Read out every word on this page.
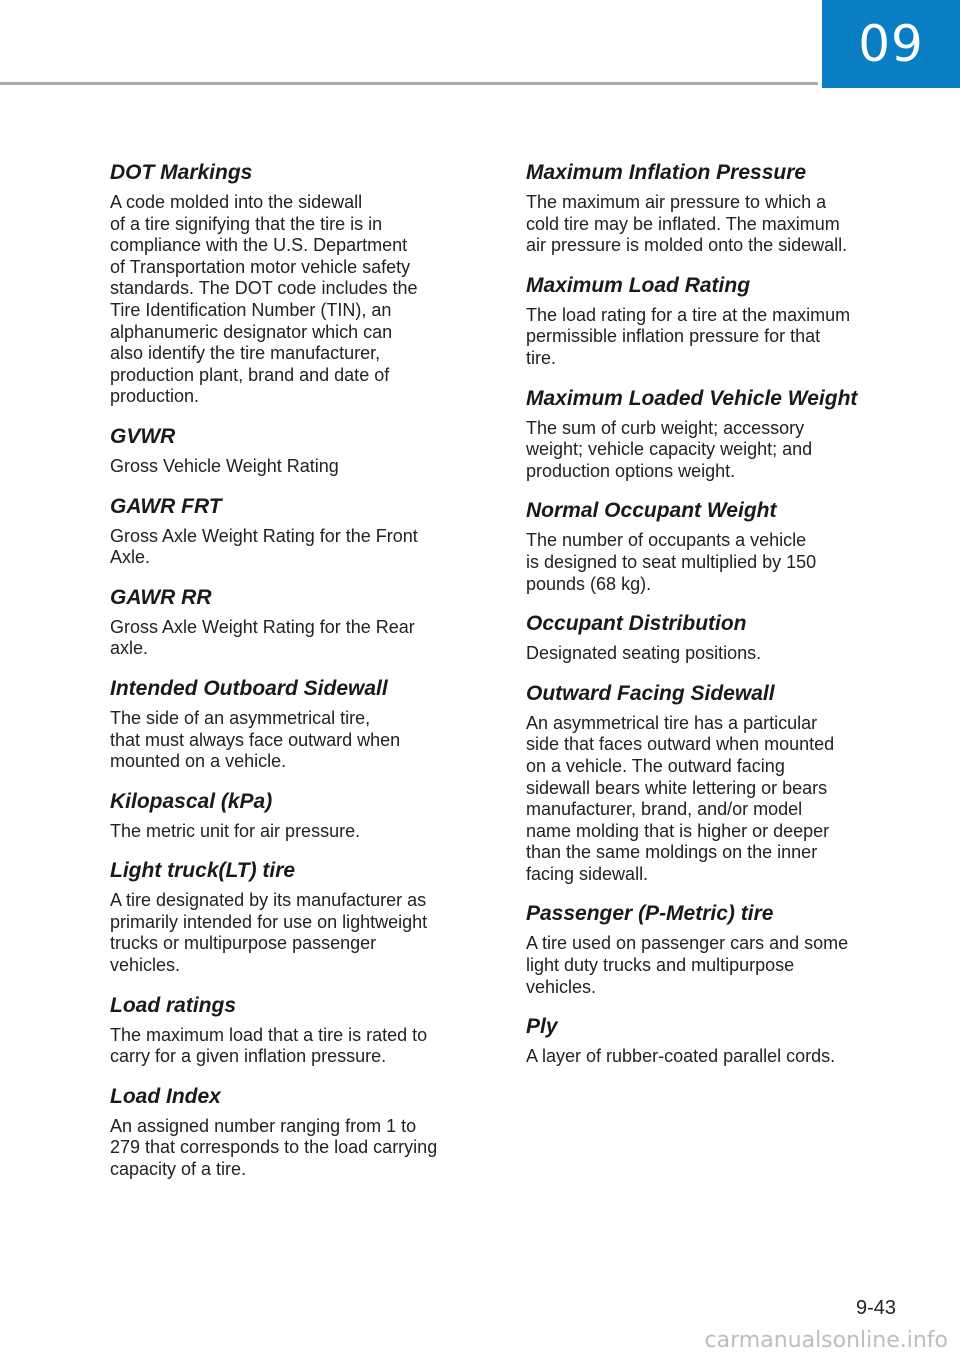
09
DOT Markings

A code molded into the sidewall
of a tire signifying that the tire is in
compliance with the U.S. Department
of Transportation motor vehicle safety
standards. The DOT code includes the
Tire Identification Number (TIN), an
alphanumeric designator which can
also identify the tire manufacturer,
production plant, brand and date of
production.

GVWR

Gross Vehicle Weight Rating

GAWR FRT

Gross Axle Weight Rating for the Front
Axle.

GAWR RR

Gross Axle Weight Rating for the Rear
axle.

Intended Outboard Sidewall

The side of an asymmetrical tire,
that must always face outward when
mounted on a vehicle.

Kilopascal (kPa)

The metric unit for air pressure.

Light truck(LT) tire

A tire designated by its manufacturer as
primarily intended for use on lightweight
trucks or multipurpose passenger
vehicles.

Load ratings

The maximum load that a tire is rated to
carry for a given inflation pressure.

Load Index

An assigned number ranging from 1 to
279 that corresponds to the load carrying
capacity of a tire.

Maximum Inflation Pressure

The maximum air pressure to which a
cold tire may be inflated. The maximum
air pressure is molded onto the sidewall.

Maximum Load Rating

The load rating for a tire at the maximum
permissible inflation pressure for that
tire.

Maximum Loaded Vehicle Weight

The sum of curb weight; accessory
weight; vehicle capacity weight; and
production options weight.

Normal Occupant Weight

The number of occupants a vehicle
is designed to seat multiplied by 150
pounds (68 kg).

Occupant Distribution

Designated seating positions.

Outward Facing Sidewall

An asymmetrical tire has a particular
side that faces outward when mounted
on a vehicle. The outward facing
sidewall bears white lettering or bears
manufacturer, brand, and/or model
name molding that is higher or deeper
than the same moldings on the inner
facing sidewall.

Passenger (P-Metric) tire

A tire used on passenger cars and some
light duty trucks and multipurpose
vehicles.

Ply

A layer of rubber-coated parallel cords.

9-43
carmanualsonline.info
